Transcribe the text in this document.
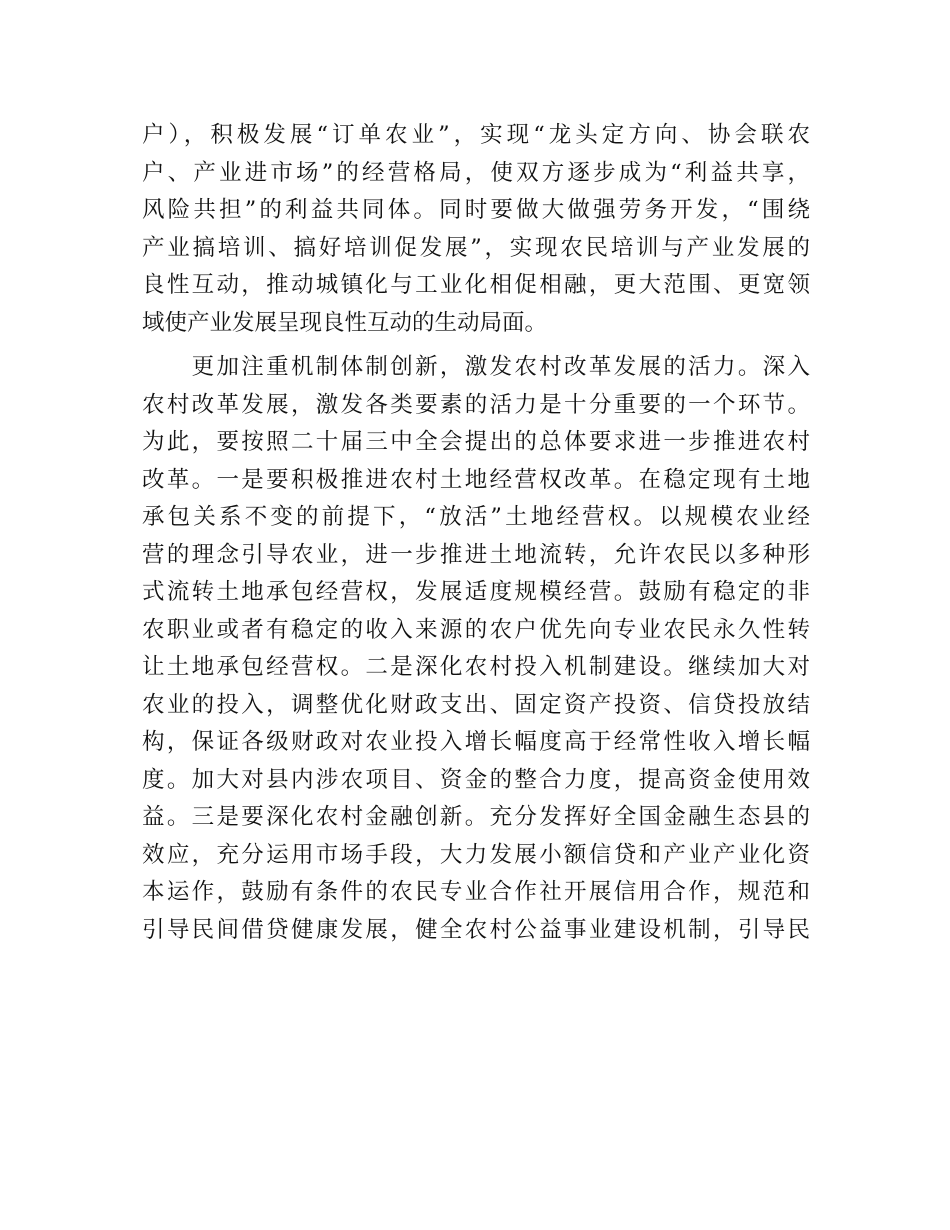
户），积极发展“订单农业”，实现“龙头定方向、协会联农
户、产业进市场”的经营格局，使双方逐步成为“利益共享，
风险共担”的利益共同体。同时要做大做强劳务开发，“围绕
产业搞培训、搞好培训促发展”，实现农民培训与产业发展的
良性互动，推动城镇化与工业化相促相融，更大范围、更宽领
域使产业发展呈现良性互动的生动局面。
　　更加注重机制体制创新，激发农村改革发展的活力。深入
农村改革发展，激发各类要素的活力是十分重要的一个环节。
为此，要按照二十届三中全会提出的总体要求进一步推进农村
改革。一是要积极推进农村土地经营权改革。在稳定现有土地
承包关系不变的前提下，“放活”土地经营权。以规模农业经
营的理念引导农业，进一步推进土地流转，允许农民以多种形
式流转土地承包经营权，发展适度规模经营。鼓励有稳定的非
农职业或者有稳定的收入来源的农户优先向专业农民永久性转
让土地承包经营权。二是深化农村投入机制建设。继续加大对
农业的投入，调整优化财政支出、固定资产投资、信贷投放结
构，保证各级财政对农业投入增长幅度高于经常性收入增长幅
度。加大对县内涉农项目、资金的整合力度，提高资金使用效
益。三是要深化农村金融创新。充分发挥好全国金融生态县的
效应，充分运用市场手段，大力发展小额信贷和产业产业化资
本运作，鼓励有条件的农民专业合作社开展信用合作，规范和
引导民间借贷健康发展，健全农村公益事业建设机制，引导民
